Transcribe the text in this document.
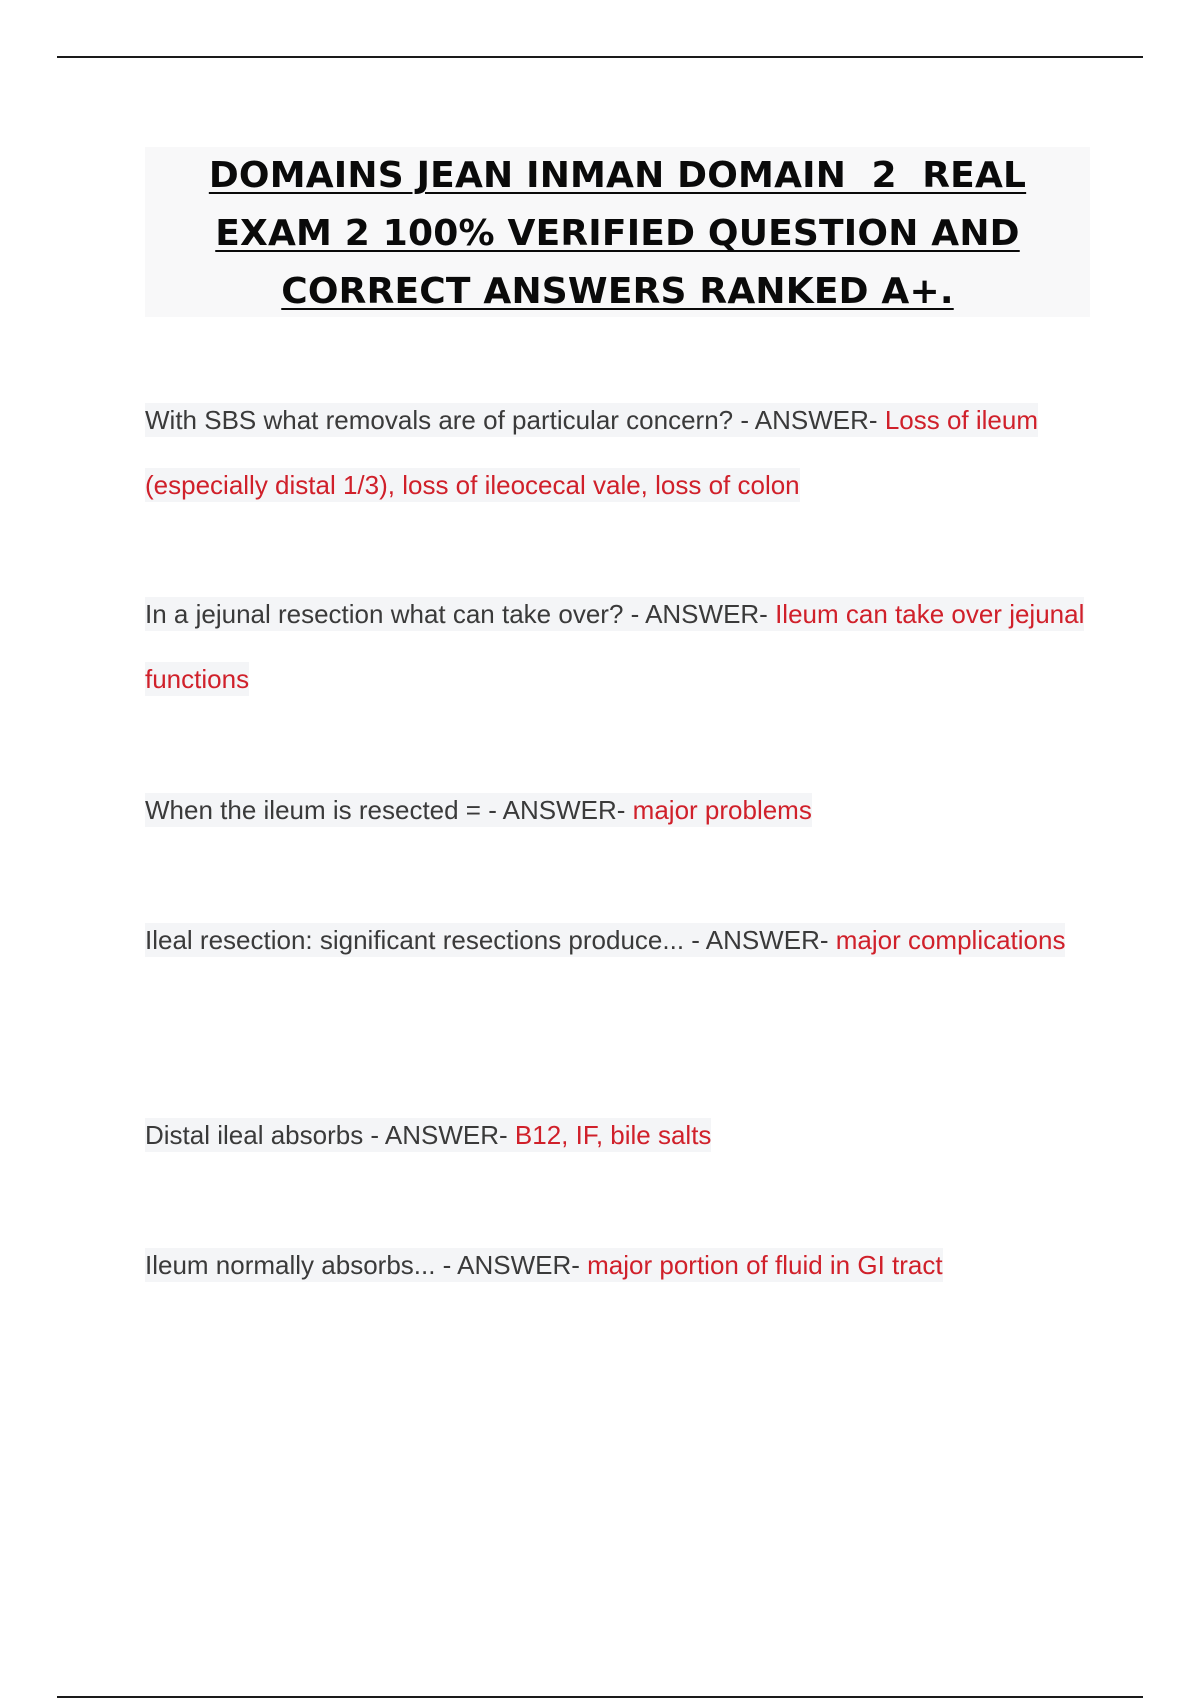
DOMAINS JEAN INMAN DOMAIN  2  REAL
EXAM 2 100% VERIFIED QUESTION AND
CORRECT ANSWERS RANKED A+.
With SBS what removals are of particular concern? - ANSWER- Loss of ileum (especially distal 1/3), loss of ileocecal vale, loss of colon
In a jejunal resection what can take over? - ANSWER- Ileum can take over jejunal functions
When the ileum is resected = - ANSWER- major problems
Ileal resection: significant resections produce... - ANSWER- major complications
Distal ileal absorbs - ANSWER- B12, IF, bile salts
Ileum normally absorbs... - ANSWER- major portion of fluid in GI tract
